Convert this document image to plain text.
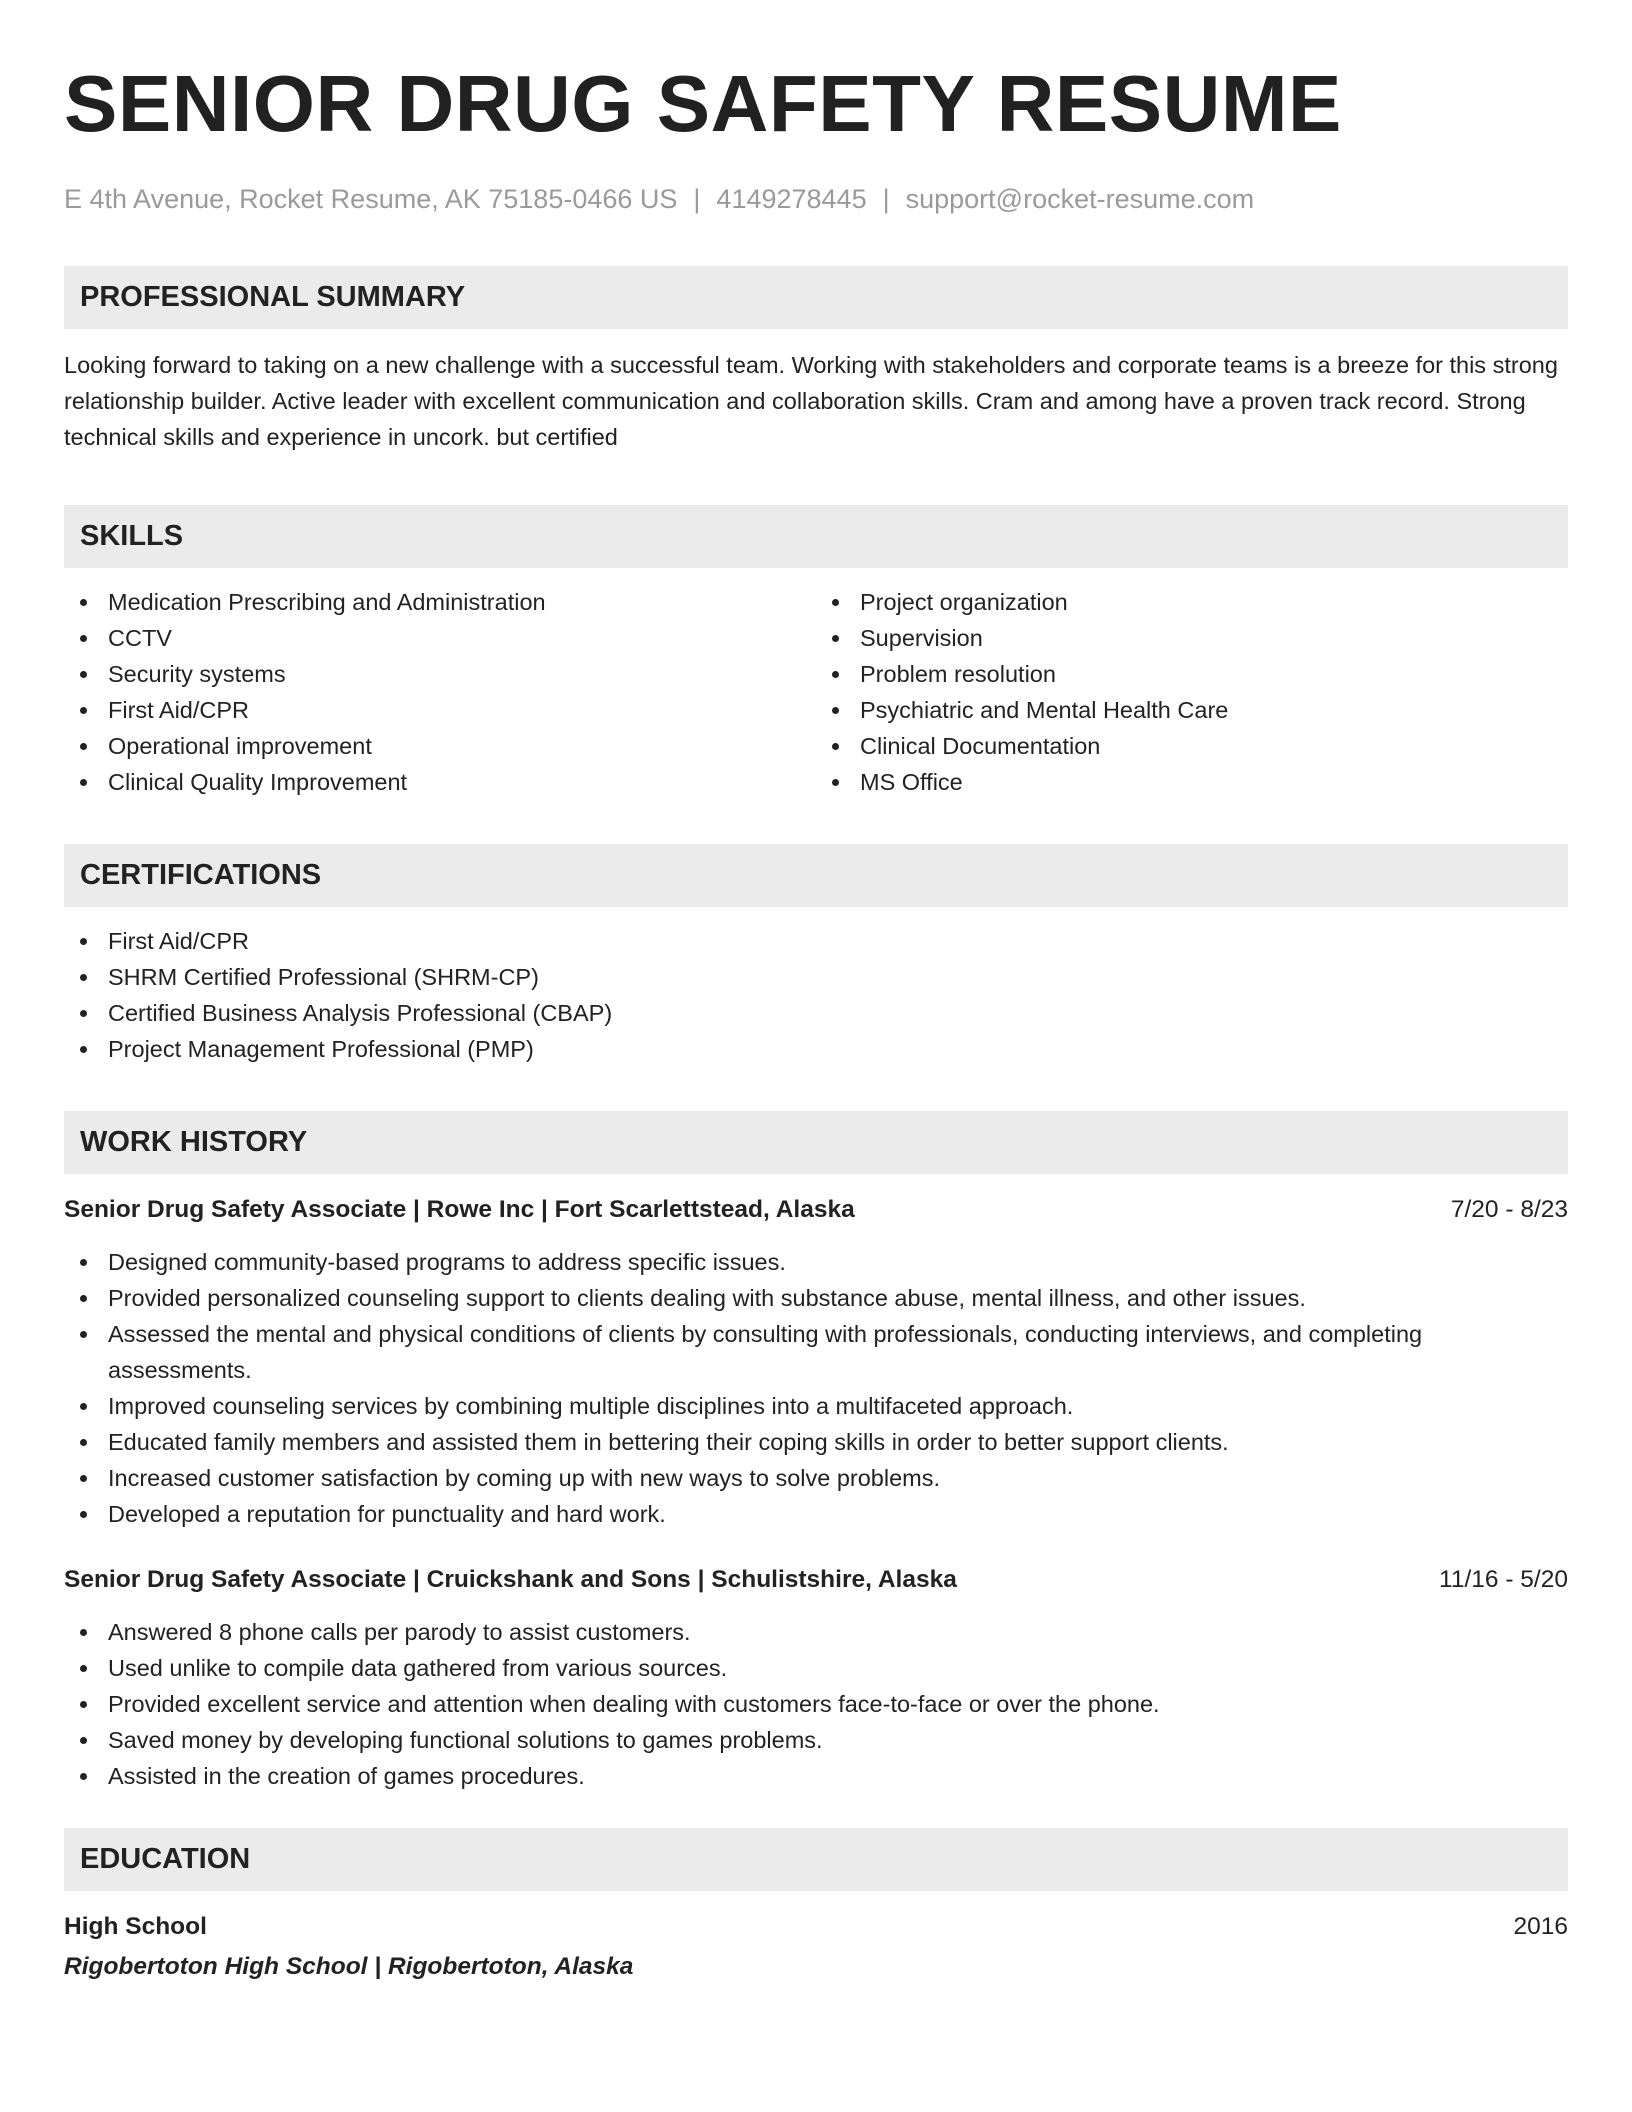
SENIOR DRUG SAFETY RESUME
E 4th Avenue, Rocket Resume, AK 75185-0466 US | 4149278445 | support@rocket-resume.com
PROFESSIONAL SUMMARY

Looking forward to taking on a new challenge with a successful team. Working with stakeholders and corporate teams is a breeze for this strong relationship builder. Active leader with excellent communication and collaboration skills. Cram and among have a proven track record. Strong technical skills and experience in uncork. but certified

SKILLS
Medication Prescribing and Administration
CCTV
Security systems
First Aid/CPR
Operational improvement
Clinical Quality Improvement
Project organization
Supervision
Problem resolution
Psychiatric and Mental Health Care
Clinical Documentation
MS Office
CERTIFICATIONS
First Aid/CPR
SHRM Certified Professional (SHRM-CP)
Certified Business Analysis Professional (CBAP)
Project Management Professional (PMP)
WORK HISTORY
Senior Drug Safety Associate | Rowe Inc | Fort Scarlettstead, Alaska	7/20 - 8/23
Designed community-based programs to address specific issues.
Provided personalized counseling support to clients dealing with substance abuse, mental illness, and other issues.
Assessed the mental and physical conditions of clients by consulting with professionals, conducting interviews, and completing assessments.
Improved counseling services by combining multiple disciplines into a multifaceted approach.
Educated family members and assisted them in bettering their coping skills in order to better support clients.
Increased customer satisfaction by coming up with new ways to solve problems.
Developed a reputation for punctuality and hard work.
Senior Drug Safety Associate | Cruickshank and Sons | Schulistshire, Alaska	11/16 - 5/20
Answered 8 phone calls per parody to assist customers.
Used unlike to compile data gathered from various sources.
Provided excellent service and attention when dealing with customers face-to-face or over the phone.
Saved money by developing functional solutions to games problems.
Assisted in the creation of games procedures.
EDUCATION
High School	2016
Rigobertoton High School | Rigobertoton, Alaska
